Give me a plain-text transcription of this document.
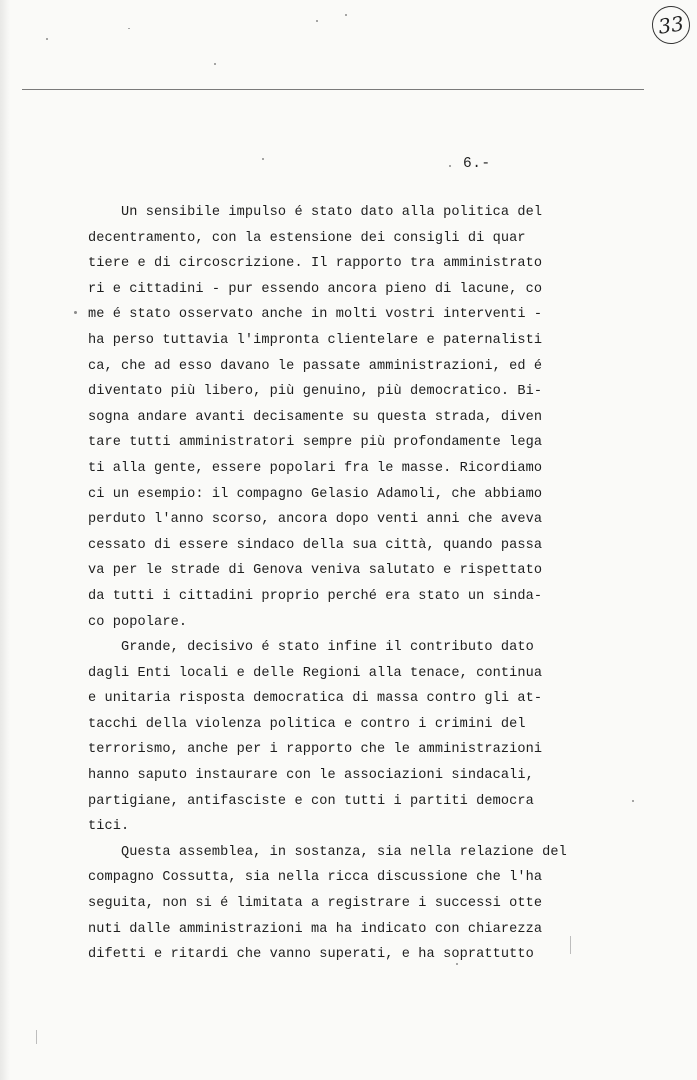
33
6.-
Un sensibile impulso é stato dato alla politica del
decentramento, con la estensione dei consigli di quar
tiere e di circoscrizione. Il rapporto tra amministrato
ri e cittadini - pur essendo ancora pieno di lacune, co
me é stato osservato anche in molti vostri interventi -
ha perso tuttavia l'impronta clientelare e paternalisti
ca, che ad esso davano le passate amministrazioni, ed é
diventato più libero, più genuino, più democratico. Bi-
sogna andare avanti decisamente su questa strada, diven
tare tutti amministratori sempre più profondamente lega
ti alla gente, essere popolari fra le masse. Ricordiamo
ci un esempio: il compagno Gelasio Adamoli, che abbiamo
perduto l'anno scorso, ancora dopo venti anni che aveva
cessato di essere sindaco della sua città, quando passa
va per le strade di Genova veniva salutato e rispettato
da tutti i cittadini proprio perché era stato un sinda-
co popolare.
Grande, decisivo é stato infine il contributo dato
dagli Enti locali e delle Regioni alla tenace, continua
e unitaria risposta democratica di massa contro gli at-
tacchi della violenza politica e contro i crimini del
terrorismo, anche per i rapporto che le amministrazioni
hanno saputo instaurare con le associazioni sindacali,
partigiane, antifasciste e con tutti i partiti democra
tici.
Questa assemblea, in sostanza, sia nella relazione del
compagno Cossutta, sia nella ricca discussione che l'ha
seguita, non si é limitata a registrare i successi otte
nuti dalle amministrazioni ma ha indicato con chiarezza
difetti e ritardi che vanno superati, e ha soprattutto
